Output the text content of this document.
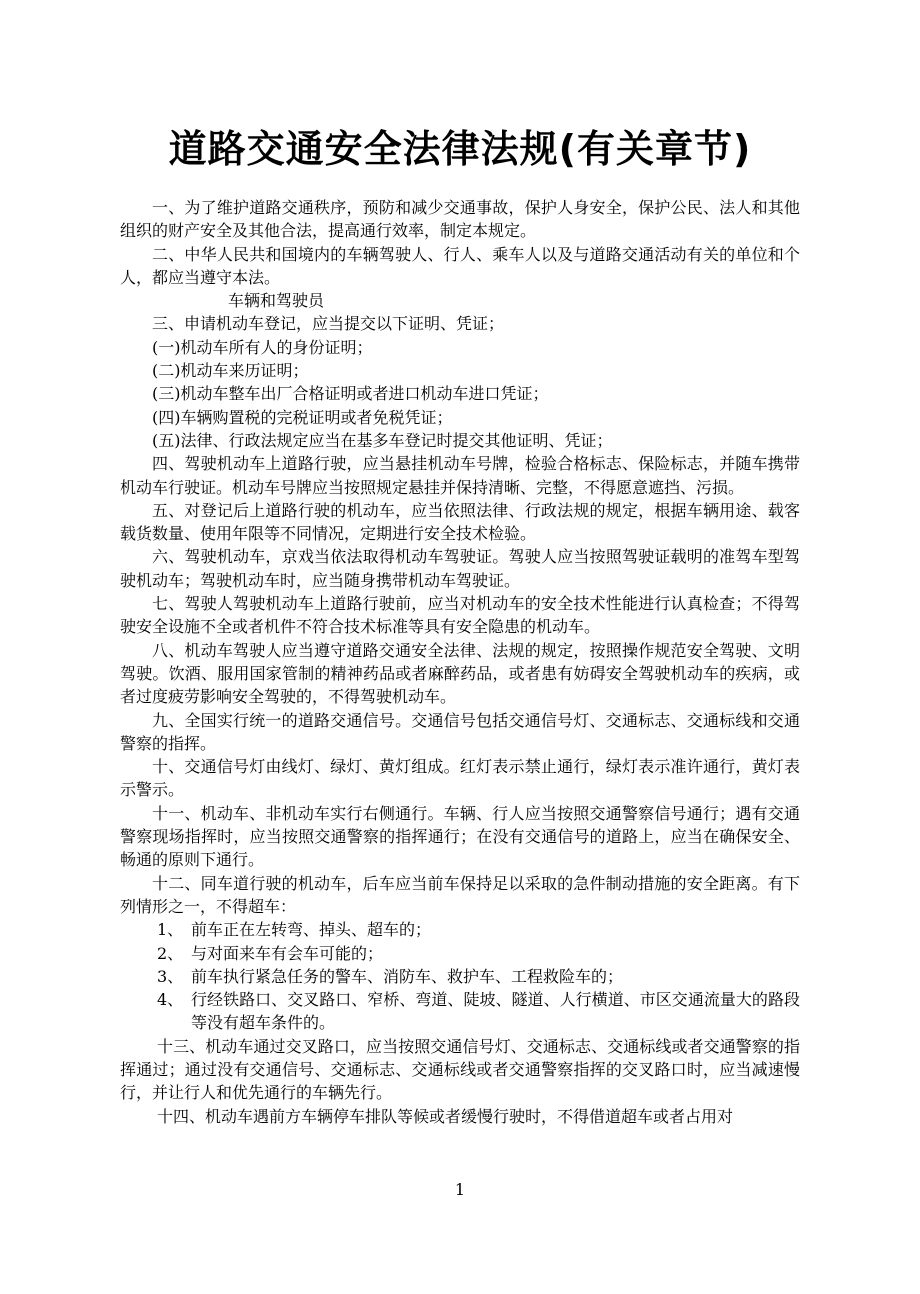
道路交通安全法律法规(有关章节)

一、为了维护道路交通秩序，预防和减少交通事故，保护人身安全，保护公民、法人和其他组织的财产安全及其他合法，提高通行效率，制定本规定。

二、中华人民共和国境内的车辆驾驶人、行人、乘车人以及与道路交通活动有关的单位和个人，都应当遵守本法。

车辆和驾驶员

三、申请机动车登记，应当提交以下证明、凭证；

(一)机动车所有人的身份证明；

(二)机动车来历证明；

(三)机动车整车出厂合格证明或者进口机动车进口凭证；

(四)车辆购置税的完税证明或者免税凭证；

(五)法律、行政法规定应当在基多车登记时提交其他证明、凭证；

四、驾驶机动车上道路行驶，应当悬挂机动车号牌，检验合格标志、保险标志，并随车携带机动车行驶证。机动车号牌应当按照规定悬挂并保持清晰、完整，不得愿意遮挡、污损。

五、对登记后上道路行驶的机动车，应当依照法律、行政法规的规定，根据车辆用途、载客载货数量、使用年限等不同情况，定期进行安全技术检验。

六、驾驶机动车，京戏当依法取得机动车驾驶证。驾驶人应当按照驾驶证载明的准驾车型驾驶机动车；驾驶机动车时，应当随身携带机动车驾驶证。

七、驾驶人驾驶机动车上道路行驶前，应当对机动车的安全技术性能进行认真检查；不得驾驶安全设施不全或者机件不符合技术标准等具有安全隐患的机动车。

八、机动车驾驶人应当遵守道路交通安全法律、法规的规定，按照操作规范安全驾驶、文明驾驶。饮酒、服用国家管制的精神药品或者麻醉药品，或者患有妨碍安全驾驶机动车的疾病，或者过度疲劳影响安全驾驶的，不得驾驶机动车。

九、全国实行统一的道路交通信号。交通信号包括交通信号灯、交通标志、交通标线和交通警察的指挥。

十、交通信号灯由线灯、绿灯、黄灯组成。红灯表示禁止通行，绿灯表示准许通行，黄灯表示警示。

十一、机动车、非机动车实行右侧通行。车辆、行人应当按照交通警察信号通行；遇有交通警察现场指挥时，应当按照交通警察的指挥通行；在没有交通信号的道路上，应当在确保安全、畅通的原则下通行。

十二、同车道行驶的机动车，后车应当前车保持足以采取的急件制动措施的安全距离。有下列情形之一，不得超车：

1、 前车正在左转弯、掉头、超车的；
2、 与对面来车有会车可能的；
3、 前车执行紧急任务的警车、消防车、救护车、工程救险车的；
4、 行经铁路口、交叉路口、窄桥、弯道、陡坡、隧道、人行横道、市区交通流量大的路段等没有超车条件的。

十三、机动车通过交叉路口，应当按照交通信号灯、交通标志、交通标线或者交通警察的指挥通过；通过没有交通信号、交通标志、交通标线或者交通警察指挥的交叉路口时，应当减速慢行，并让行人和优先通行的车辆先行。

十四、机动车遇前方车辆停车排队等候或者缓慢行驶时，不得借道超车或者占用对

1
